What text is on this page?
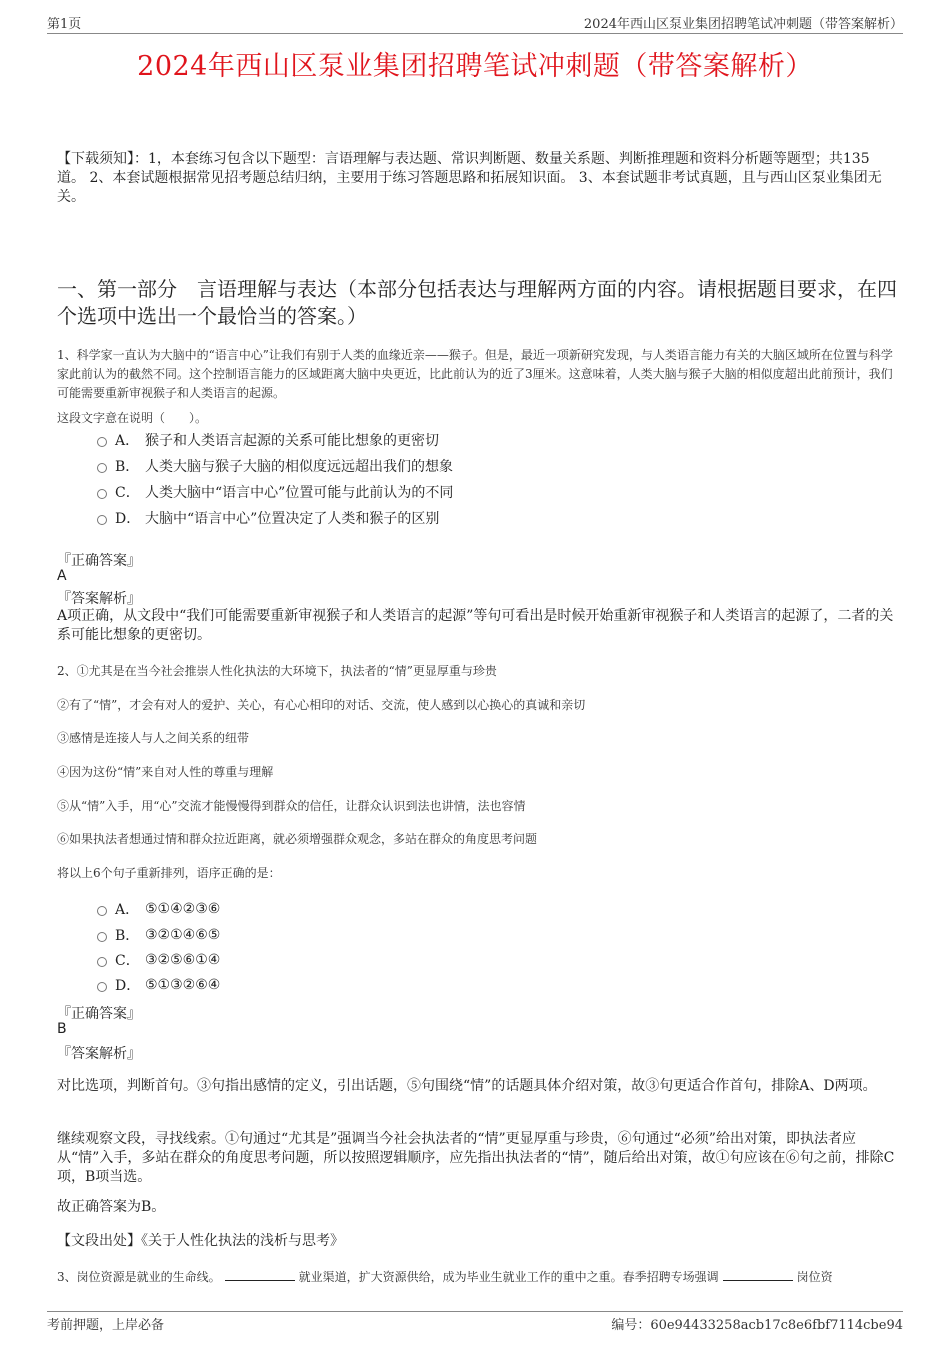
第1页	2024年西山区泵业集团招聘笔试冲刺题（带答案解析）
2024年西山区泵业集团招聘笔试冲刺题（带答案解析）
【下载须知】：1，本套练习包含以下题型：言语理解与表达题、常识判断题、数量关系题、判断推理题和资料分析题等题型；共135道。 2、本套试题根据常见招考题总结归纳，主要用于练习答题思路和拓展知识面。 3、本套试题非考试真题，且与西山区泵业集团无关。
一、第一部分　言语理解与表达（本部分包括表达与理解两方面的内容。请根据题目要求，在四个选项中选出一个最恰当的答案。）
1、科学家一直认为大脑中的“语言中心”让我们有别于人类的血缘近亲——猴子。但是，最近一项新研究发现，与人类语言能力有关的大脑区域所在位置与科学家此前认为的截然不同。这个控制语言能力的区域距离大脑中央更近，比此前认为的近了3厘米。这意味着，人类大脑与猴子大脑的相似度超出此前预计，我们可能需要重新审视猴子和人类语言的起源。
这段文字意在说明（　　）。
A． 猴子和人类语言起源的关系可能比想象的更密切
B． 人类大脑与猴子大脑的相似度远远超出我们的想象
C． 人类大脑中“语言中心”位置可能与此前认为的不同
D． 大脑中“语言中心”位置决定了人类和猴子的区别
『正确答案』
A
『答案解析』
A项正确，从文段中“我们可能需要重新审视猴子和人类语言的起源”等句可看出是时候开始重新审视猴子和人类语言的起源了，二者的关系可能比想象的更密切。
2、①尤其是在当今社会推崇人性化执法的大环境下，执法者的“情”更显厚重与珍贵
②有了“情”，才会有对人的爱护、关心，有心心相印的对话、交流，使人感到以心换心的真诚和亲切
③感情是连接人与人之间关系的纽带
④因为这份“情”来自对人性的尊重与理解
⑤从“情”入手，用“心”交流才能慢慢得到群众的信任，让群众认识到法也讲情，法也容情
⑥如果执法者想通过情和群众拉近距离，就必须增强群众观念，多站在群众的角度思考问题
将以上6个句子重新排列，语序正确的是：
A． ⑤①④②③⑥
B． ③②①④⑥⑤
C． ③②⑤⑥①④
D． ⑤①③②⑥④
『正确答案』
B
『答案解析』
对比选项，判断首句。③句指出感情的定义，引出话题，⑤句围绕“情”的话题具体介绍对策，故③句更适合作首句，排除A、D两项。
继续观察文段，寻找线索。①句通过“尤其是”强调当今社会执法者的“情”更显厚重与珍贵，⑥句通过“必须”给出对策，即执法者应从“情”入手，多站在群众的角度思考问题，所以按照逻辑顺序，应先指出执法者的“情”，随后给出对策，故①句应该在⑥句之前，排除C项，B项当选。
故正确答案为B。
【文段出处】《关于人性化执法的浅析与思考》
3、岗位资源是就业的生命线。	就业渠道，扩大资源供给，成为毕业生就业工作的重中之重。春季招聘专场强调	岗位资
考前押题，上岸必备	编号：60e94433258acb17c8e6fbf7114cbe94
